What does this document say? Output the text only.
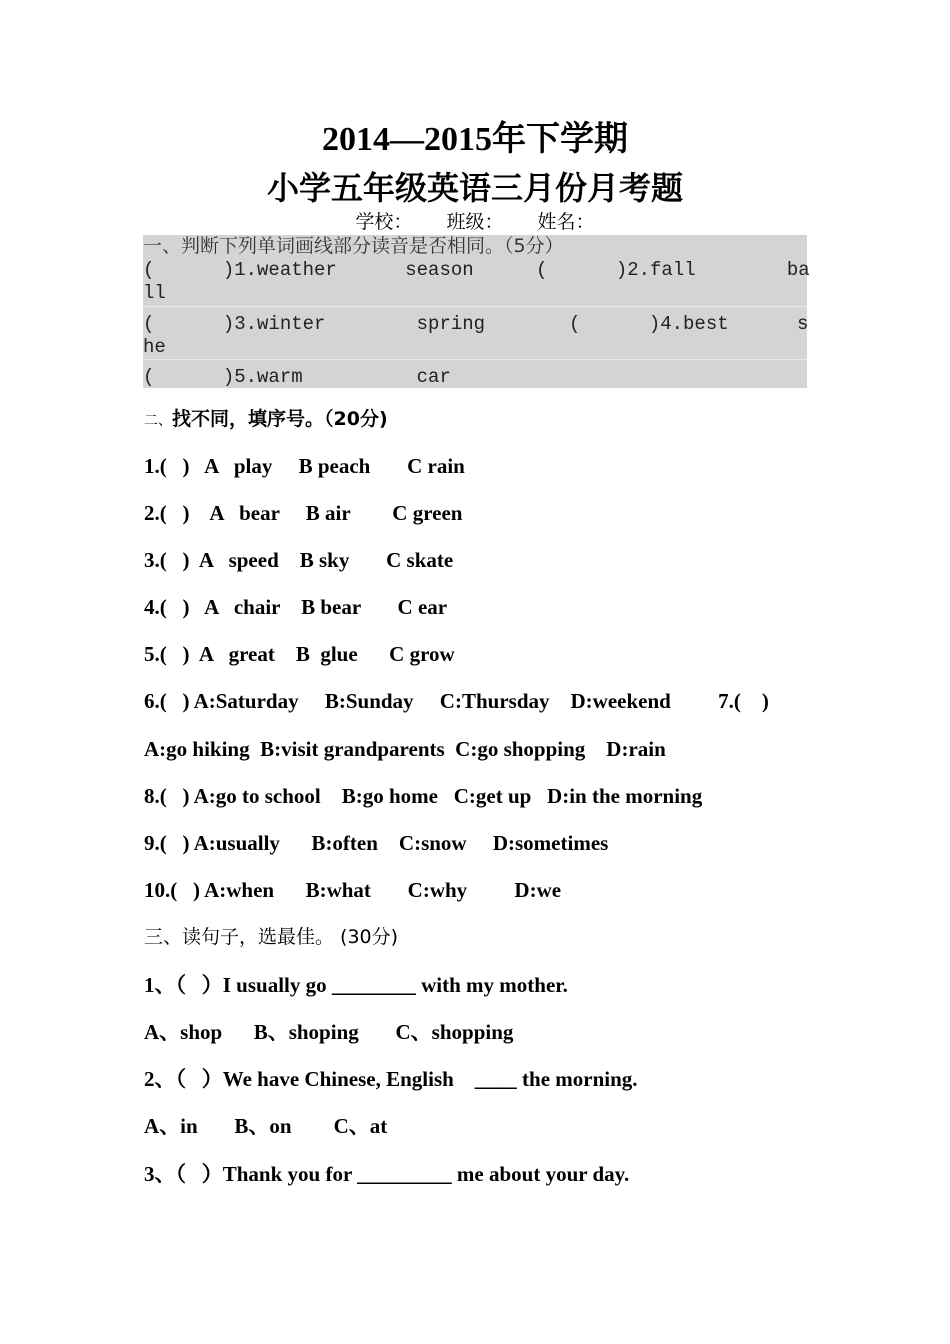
2014—2015年下学期
小学五年级英语三月份月考题
学校： 班级： 姓名：
一、判断下列单词画线部分读音是否相同。（5分）
(      )1.weather      season	(      )2.fall        ba
ll
(      )3.winter        spring	(      )4.best      s
he
(      )5.warm          car
二、找不同，填序号。（20分)
1.(   )   A   play     B peach       C rain
2.(   )    A   bear     B air        C green
3.(   )  A   speed    B sky       C skate
4.(   )   A   chair    B bear       C ear
5.(   )  A   great    B  glue      C grow
6.(   ) A:Saturday     B:Sunday     C:Thursday    D:weekend         7.(    )
A:go hiking  B:visit grandparents  C:go shopping    D:rain
8.(   ) A:go to school    B:go home   C:get up   D:in the morning
9.(   ) A:usually      B:often    C:snow     D:sometimes
10.(   ) A:when      B:what       C:why         D:we
三、读句子，选最佳。 (30分)
1、（   ）I usually go ________ with my mother.
A、shop      B、shoping       C、shopping
2、（   ）We have Chinese, English    ____ the morning.
A、in       B、on        C、at
3、（   ）Thank you for _________ me about your day.
